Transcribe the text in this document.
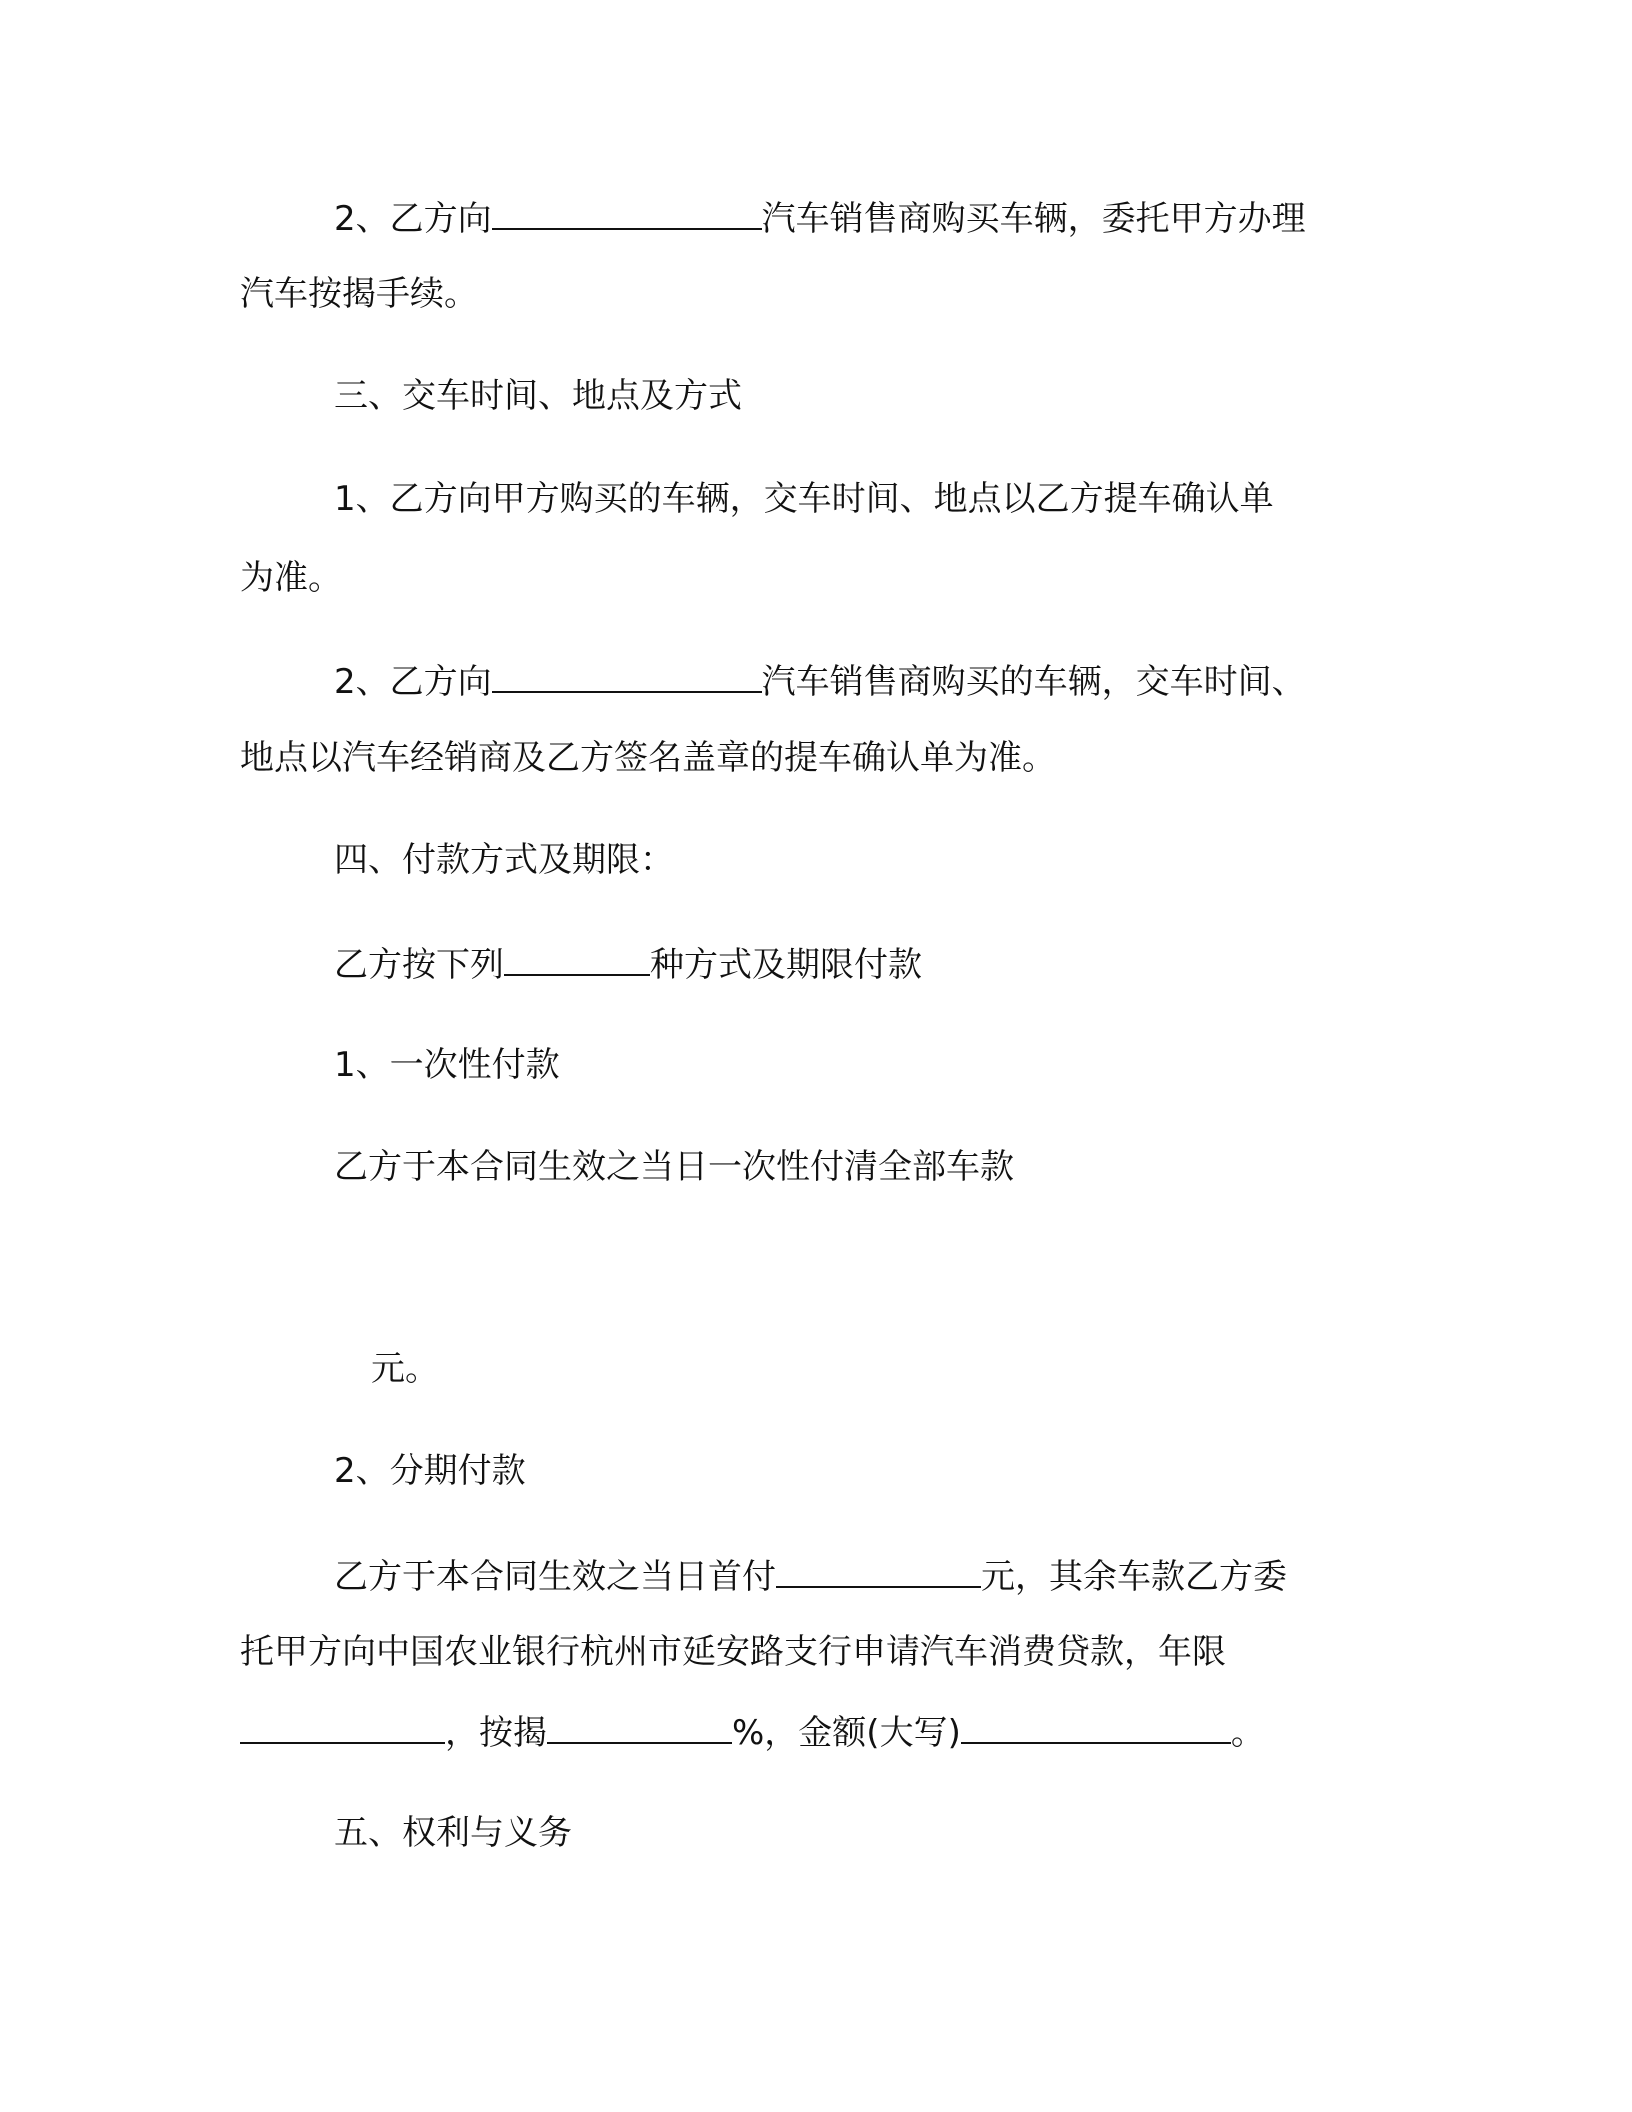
2、乙方向	汽车销售商购买车辆，委托甲方办理
汽车按揭手续。
三、交车时间、地点及方式
1、乙方向甲方购买的车辆，交车时间、地点以乙方提车确认单
为准。
2、乙方向	汽车销售商购买的车辆，交车时间、
地点以汽车经销商及乙方签名盖章的提车确认单为准。
四、付款方式及期限：
乙方按下列	种方式及期限付款
1、一次性付款
乙方于本合同生效之当日一次性付清全部车款
元。
2、分期付款
乙方于本合同生效之当日首付	元，其余车款乙方委
托甲方向中国农业银行杭州市延安路支行申请汽车消费贷款，年限
，按揭	%，金额(大写)	。
五、权利与义务
